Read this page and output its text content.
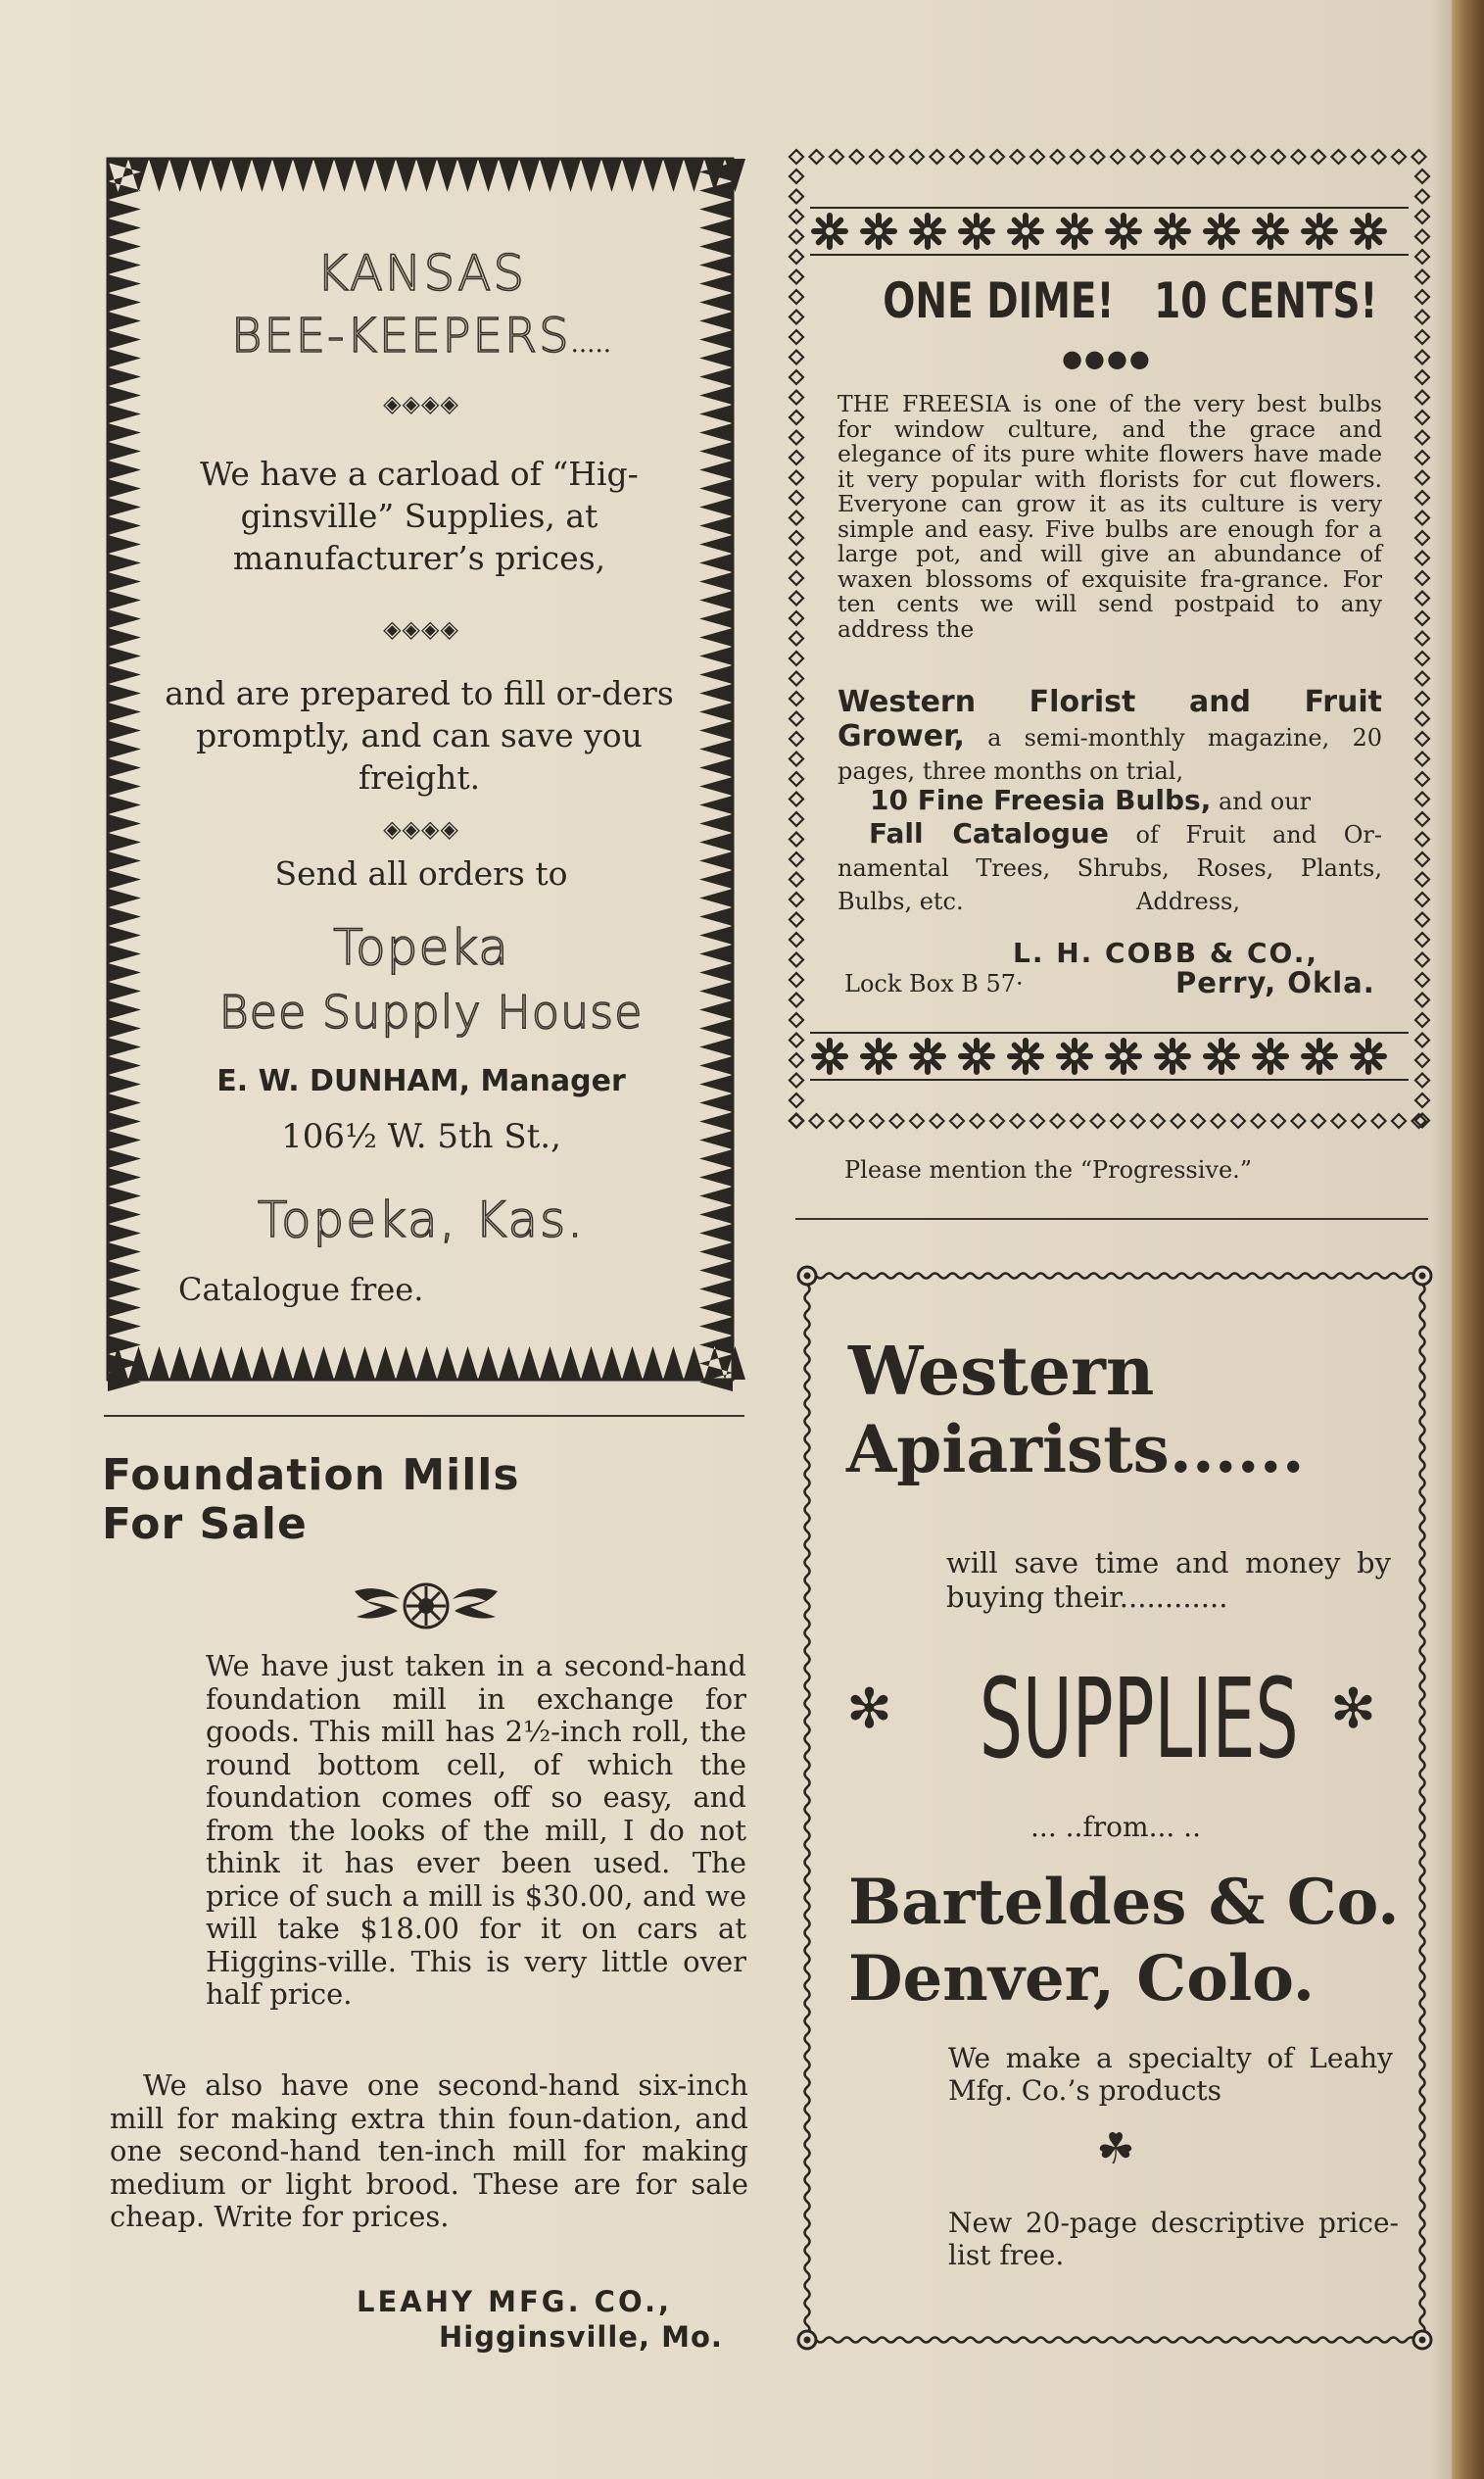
KANSAS
BEE-KEEPERS.....
◈◈◈◈
We have a carload of “Hig-ginsville” Supplies, at manufacturer’s prices,
◈◈◈◈
and are prepared to fill or-ders promptly, and can save you freight.
◈◈◈◈
Send all orders to
Topeka
Bee Supply House
E. W. DUNHAM, Manager
106½ W. 5th St.,
Topeka, Kas.
Catalogue free.
Foundation Mills
For Sale
We have just taken in a second-hand foundation mill in exchange for goods. This mill has 2½-inch roll, the round bottom cell, of which the foundation comes off so easy, and from the looks of the mill, I do not think it has ever been used. The price of such a mill is $30.00, and we will take $18.00 for it on cars at Higgins-ville. This is very little over half price.
We also have one second-hand six-inch mill for making extra thin foun-dation, and one second-hand ten-inch mill for making medium or light brood. These are for sale cheap. Write for prices.
LEAHY MFG. CO.,
Higginsville, Mo.
ONE DIME!   10 CENTS!
●●●●
THE FREESIA is one of the very best bulbs for window culture, and the grace and elegance of its pure white flowers have made it very popular with florists for cut flowers. Everyone can grow it as its culture is very simple and easy. Five bulbs are enough for a large pot, and will give an abundance of waxen blossoms of exquisite fra-grance. For ten cents we will send postpaid to any address the
Western Florist and Fruit Grower, a semi-monthly magazine, 20 pages, three months on trial,
10 Fine Freesia Bulbs, and our
Fall Catalogue of Fruit and Or-namental Trees, Shrubs, Roses, Plants, Bulbs, etc.	Address,
L. H. COBB & CO.,
Lock Box B 57·	Perry, Okla.
Please mention the “Progressive.”
Western
Apiarists......
will save time and money by buying their............
✻ SUPPLIES ✻
... ..from... ..
Barteldes & Co.
Denver, Colo.
We make a specialty of Leahy Mfg. Co.’s products
☘
New 20-page descriptive price-list free.
